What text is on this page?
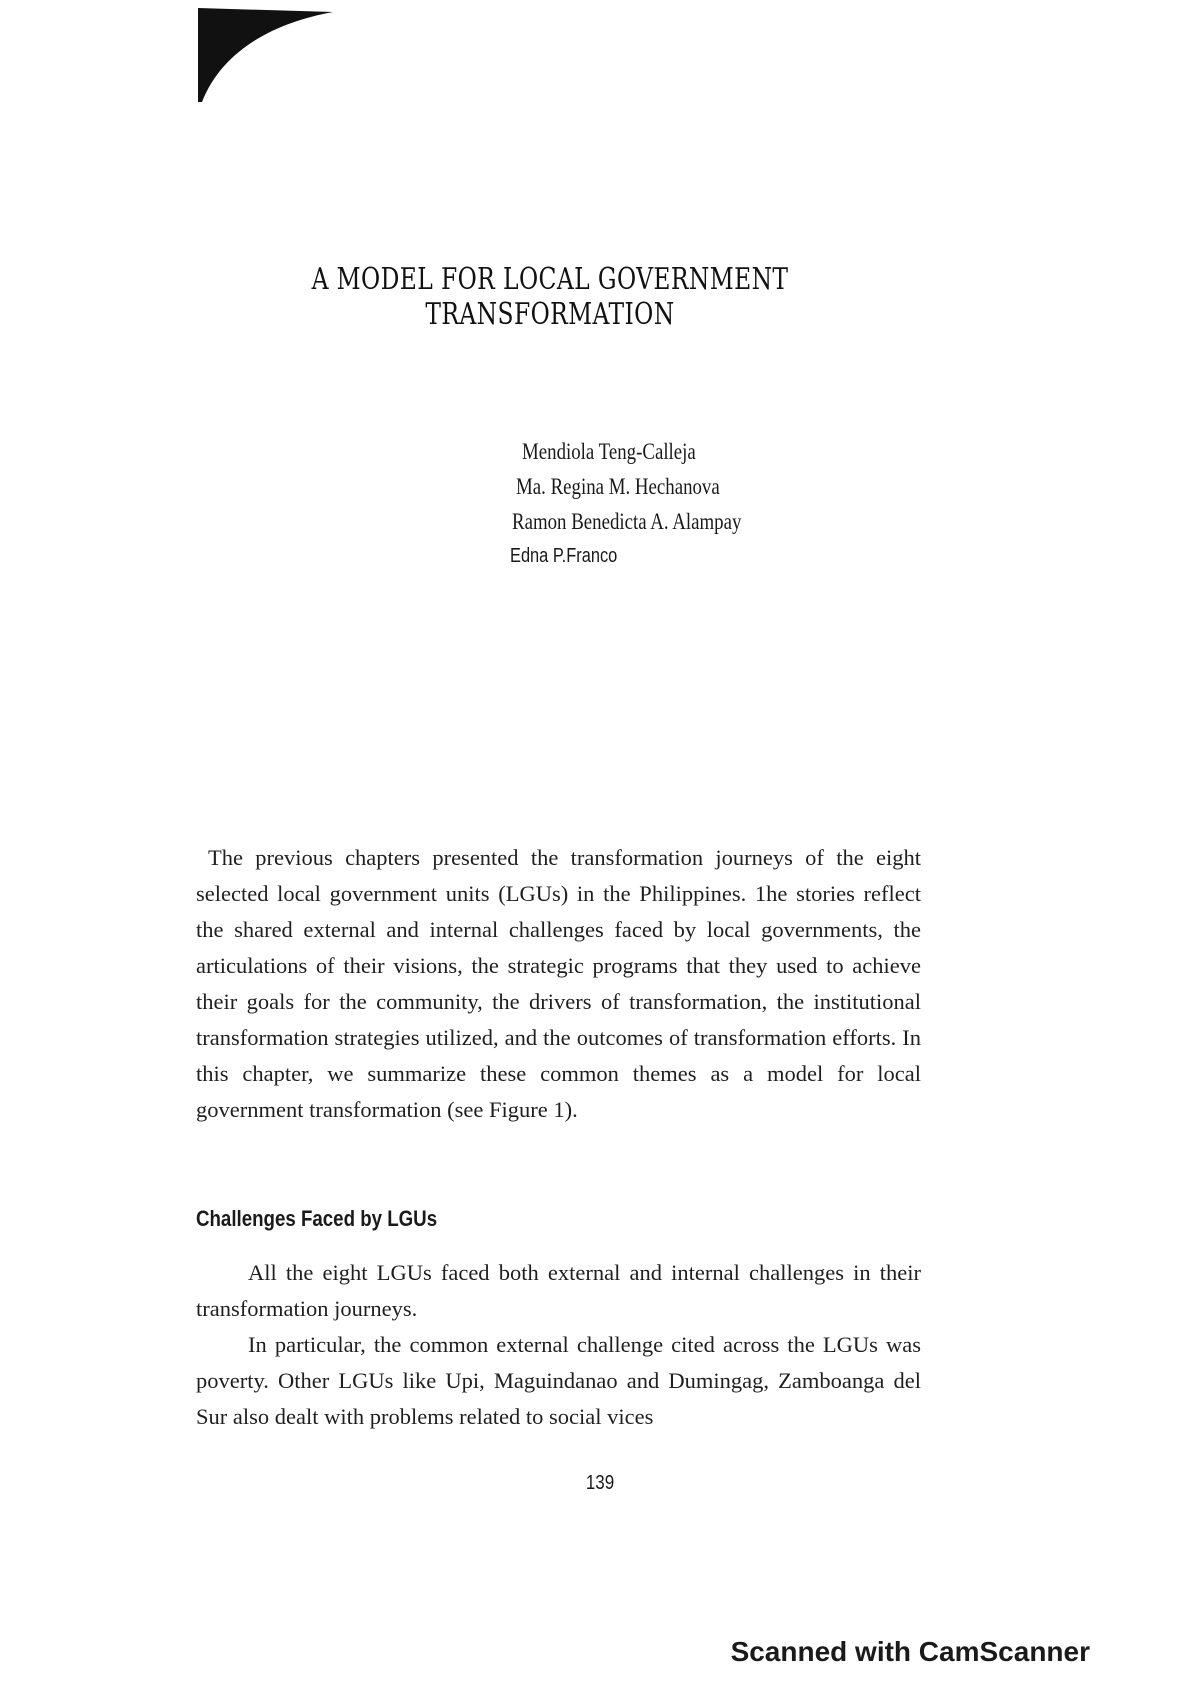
A MODEL FOR LOCAL GOVERNMENT TRANSFORMATION
Mendiola Teng-Calleja
Ma. Regina M. Hechanova
Ramon Benedicta A. Alampay
Edna P.Franco

The previous chapters presented the transformation journeys of the eight selected local government units (LGUs) in the Philippines. 1he stories reflect the shared external and internal challenges faced by local governments, the articulations of their visions, the strategic programs that they used to achieve their goals for the community, the drivers of transformation, the institutional transformation strategies utilized, and the outcomes of transformation efforts. In this chapter, we summarize these common themes as a model for local government transformation (see Figure 1).

Challenges Faced by LGUs

All the eight LGUs faced both external and internal challenges in their transformation journeys.

In particular, the common external challenge cited across the LGUs was poverty. Other LGUs like Upi, Maguindanao and Dumingag, Zamboanga del Sur also dealt with problems related to social vices

139
Scanned with CamScanner
